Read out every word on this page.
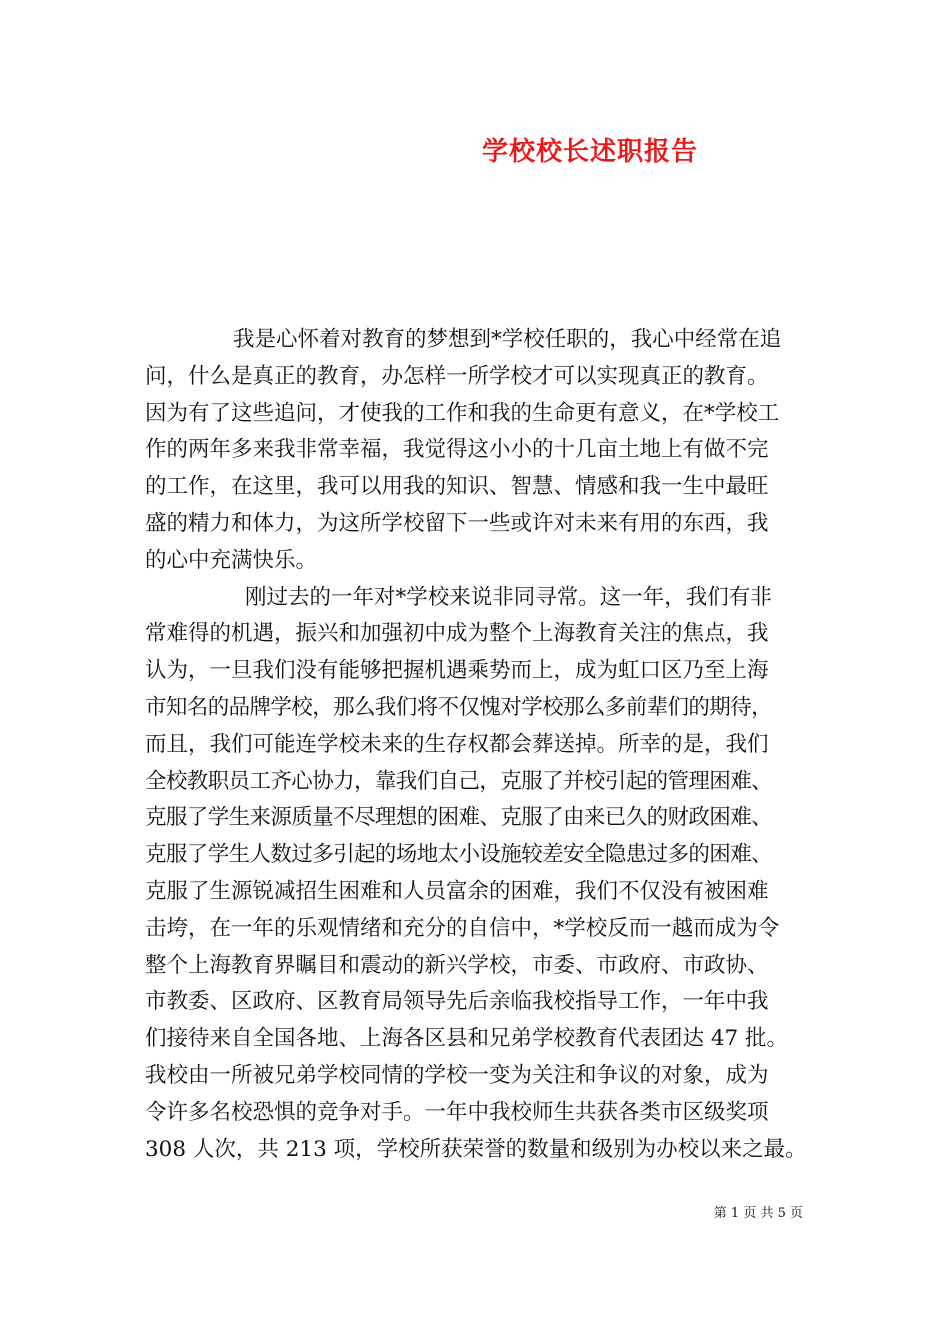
学校校长述职报告
我是心怀着对教育的梦想到*学校任职的，我心中经常在追
问，什么是真正的教育，办怎样一所学校才可以实现真正的教育。
因为有了这些追问，才使我的工作和我的生命更有意义，在*学校工
作的两年多来我非常幸福，我觉得这小小的十几亩土地上有做不完
的工作，在这里，我可以用我的知识、智慧、情感和我一生中最旺
盛的精力和体力，为这所学校留下一些或许对未来有用的东西，我
的心中充满快乐。
刚过去的一年对*学校来说非同寻常。这一年，我们有非
常难得的机遇，振兴和加强初中成为整个上海教育关注的焦点，我
认为，一旦我们没有能够把握机遇乘势而上，成为虹口区乃至上海
市知名的品牌学校，那么我们将不仅愧对学校那么多前辈们的期待，
而且，我们可能连学校未来的生存权都会葬送掉。所幸的是，我们
全校教职员工齐心协力，靠我们自己，克服了并校引起的管理困难、
克服了学生来源质量不尽理想的困难、克服了由来已久的财政困难、
克服了学生人数过多引起的场地太小设施较差安全隐患过多的困难、
克服了生源锐减招生困难和人员富余的困难，我们不仅没有被困难
击垮，在一年的乐观情绪和充分的自信中，*学校反而一越而成为令
整个上海教育界瞩目和震动的新兴学校，市委、市政府、市政协、
市教委、区政府、区教育局领导先后亲临我校指导工作，一年中我
们接待来自全国各地、上海各区县和兄弟学校教育代表团达 47 批。
我校由一所被兄弟学校同情的学校一变为关注和争议的对象，成为
令许多名校恐惧的竞争对手。一年中我校师生共获各类市区级奖项
308 人次，共 213 项，学校所获荣誉的数量和级别为办校以来之最。
第 1 页 共 5 页
